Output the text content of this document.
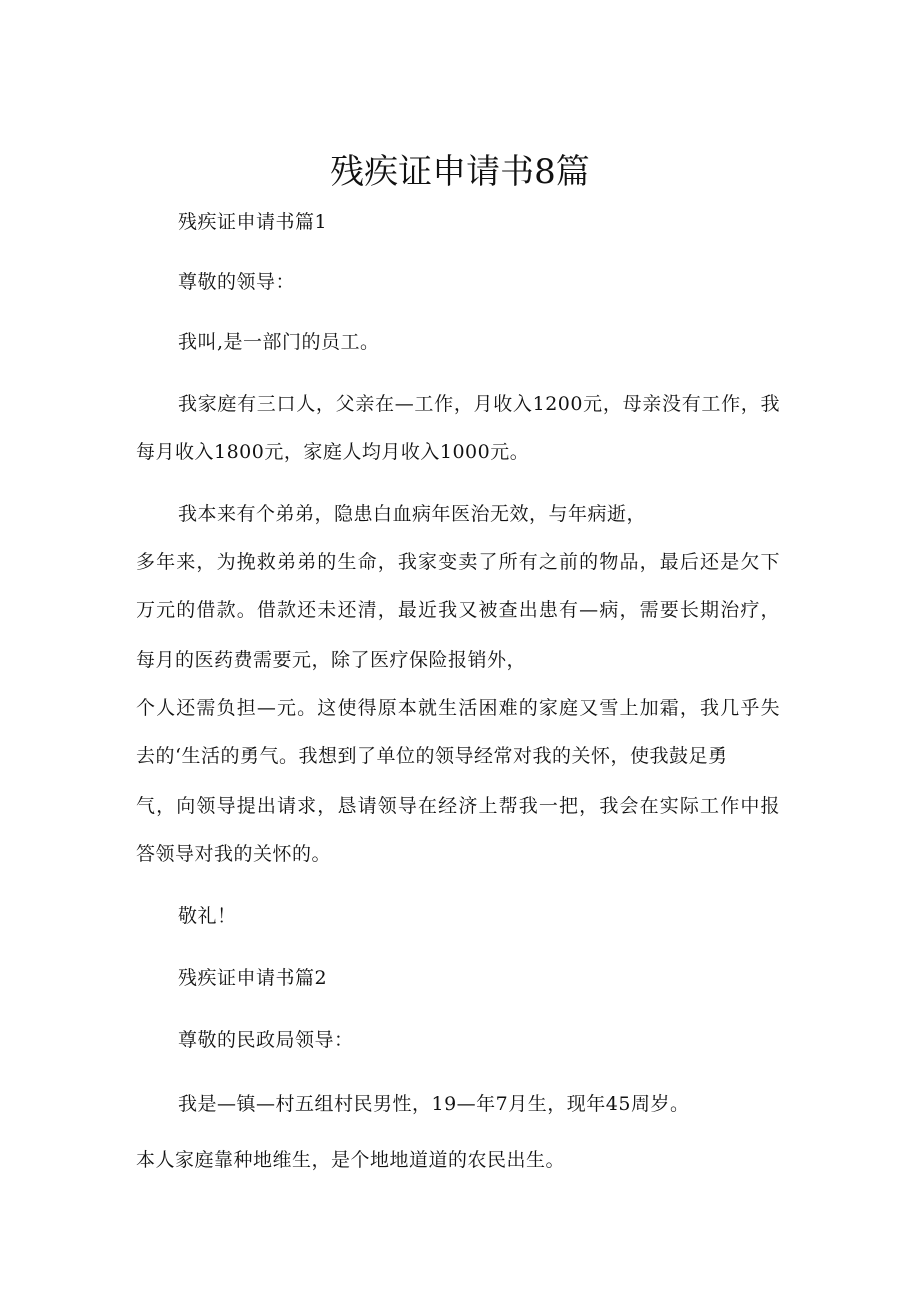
残疾证申请书8篇
残疾证申请书篇1
尊敬的领导：
我叫,是一部门的员工。
我家庭有三口人，父亲在—工作，月收入1200元，母亲没有工作，我
每月收入1800元，家庭人均月收入1000元。
我本来有个弟弟，隐患白血病年医治无效，与年病逝，
多年来，为挽救弟弟的生命，我家变卖了所有之前的物品，最后还是欠下
万元的借款。借款还未还清，最近我又被查出患有—病，需要长期治疗，
每月的医药费需要元，除了医疗保险报销外，
个人还需负担—元。这使得原本就生活困难的家庭又雪上加霜，我几乎失
去的‘生活的勇气。我想到了单位的领导经常对我的关怀，使我鼓足勇
气，向领导提出请求，恳请领导在经济上帮我一把，我会在实际工作中报
答领导对我的关怀的。
敬礼！
残疾证申请书篇2
尊敬的民政局领导：
我是—镇—村五组村民男性，19—年7月生，现年45周岁。
本人家庭靠种地维生，是个地地道道的农民出生。
